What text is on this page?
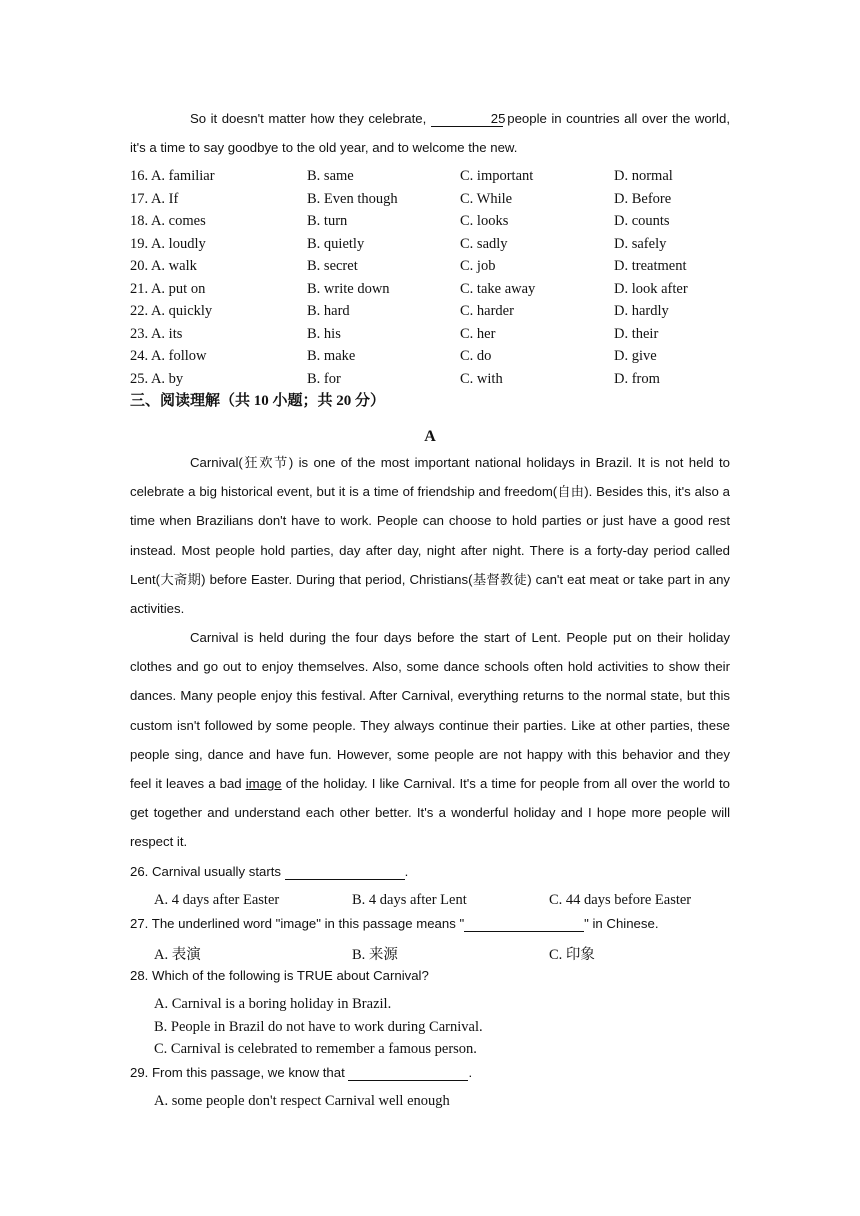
So it doesn't matter how they celebrate,	25 people in countries all over the world, it's a time to say goodbye to the old year, and to welcome the new.

16. A. familiar	B. same	C. important	D. normal
17. A. If	B. Even though	C. While	D. Before
18. A. comes	B. turn	C. looks	D. counts
19. A. loudly	B. quietly	C. sadly	D. safely
20. A. walk	B. secret	C. job	D. treatment
21. A. put on	B. write down	C. take away	D. look after
22. A. quickly	B. hard	C. harder	D. hardly
23. A. its	B. his	C. her	D. their
24. A. follow	B. make	C. do	D. give
25. A. by	B. for	C. with	D. from
三、阅读理解（共 10 小题；共 20 分）
A

Carnival(狂欢节) is one of the most important national holidays in Brazil. It is not held to celebrate a big historical event, but it is a time of friendship and freedom(自由). Besides this, it's also a time when Brazilians don't have to work. People can choose to hold parties or just have a good rest instead. Most people hold parties, day after day, night after night. There is a forty-day period called Lent(大斋期) before Easter. During that period, Christians(基督教徒) can't eat meat or take part in any activities.

Carnival is held during the four days before the start of Lent. People put on their holiday clothes and go out to enjoy themselves. Also, some dance schools often hold activities to show their dances. Many people enjoy this festival. After Carnival, everything returns to the normal state, but this custom isn't followed by some people. They always continue their parties. Like at other parties, these people sing, dance and have fun. However, some people are not happy with this behavior and they feel it leaves a bad image of the holiday. I like Carnival. It's a time for people from all over the world to get together and understand each other better. It's a wonderful holiday and I hope more people will respect it.

26. Carnival usually starts	.
A. 4 days after Easter	B. 4 days after Lent	C. 44 days before Easter
27. The underlined word "image" in this passage means "	" in Chinese.
A. 表演	B. 来源	C. 印象
28. Which of the following is TRUE about Carnival?
A. Carnival is a boring holiday in Brazil.
B. People in Brazil do not have to work during Carnival.
C. Carnival is celebrated to remember a famous person.
29. From this passage, we know that	.
A. some people don't respect Carnival well enough
